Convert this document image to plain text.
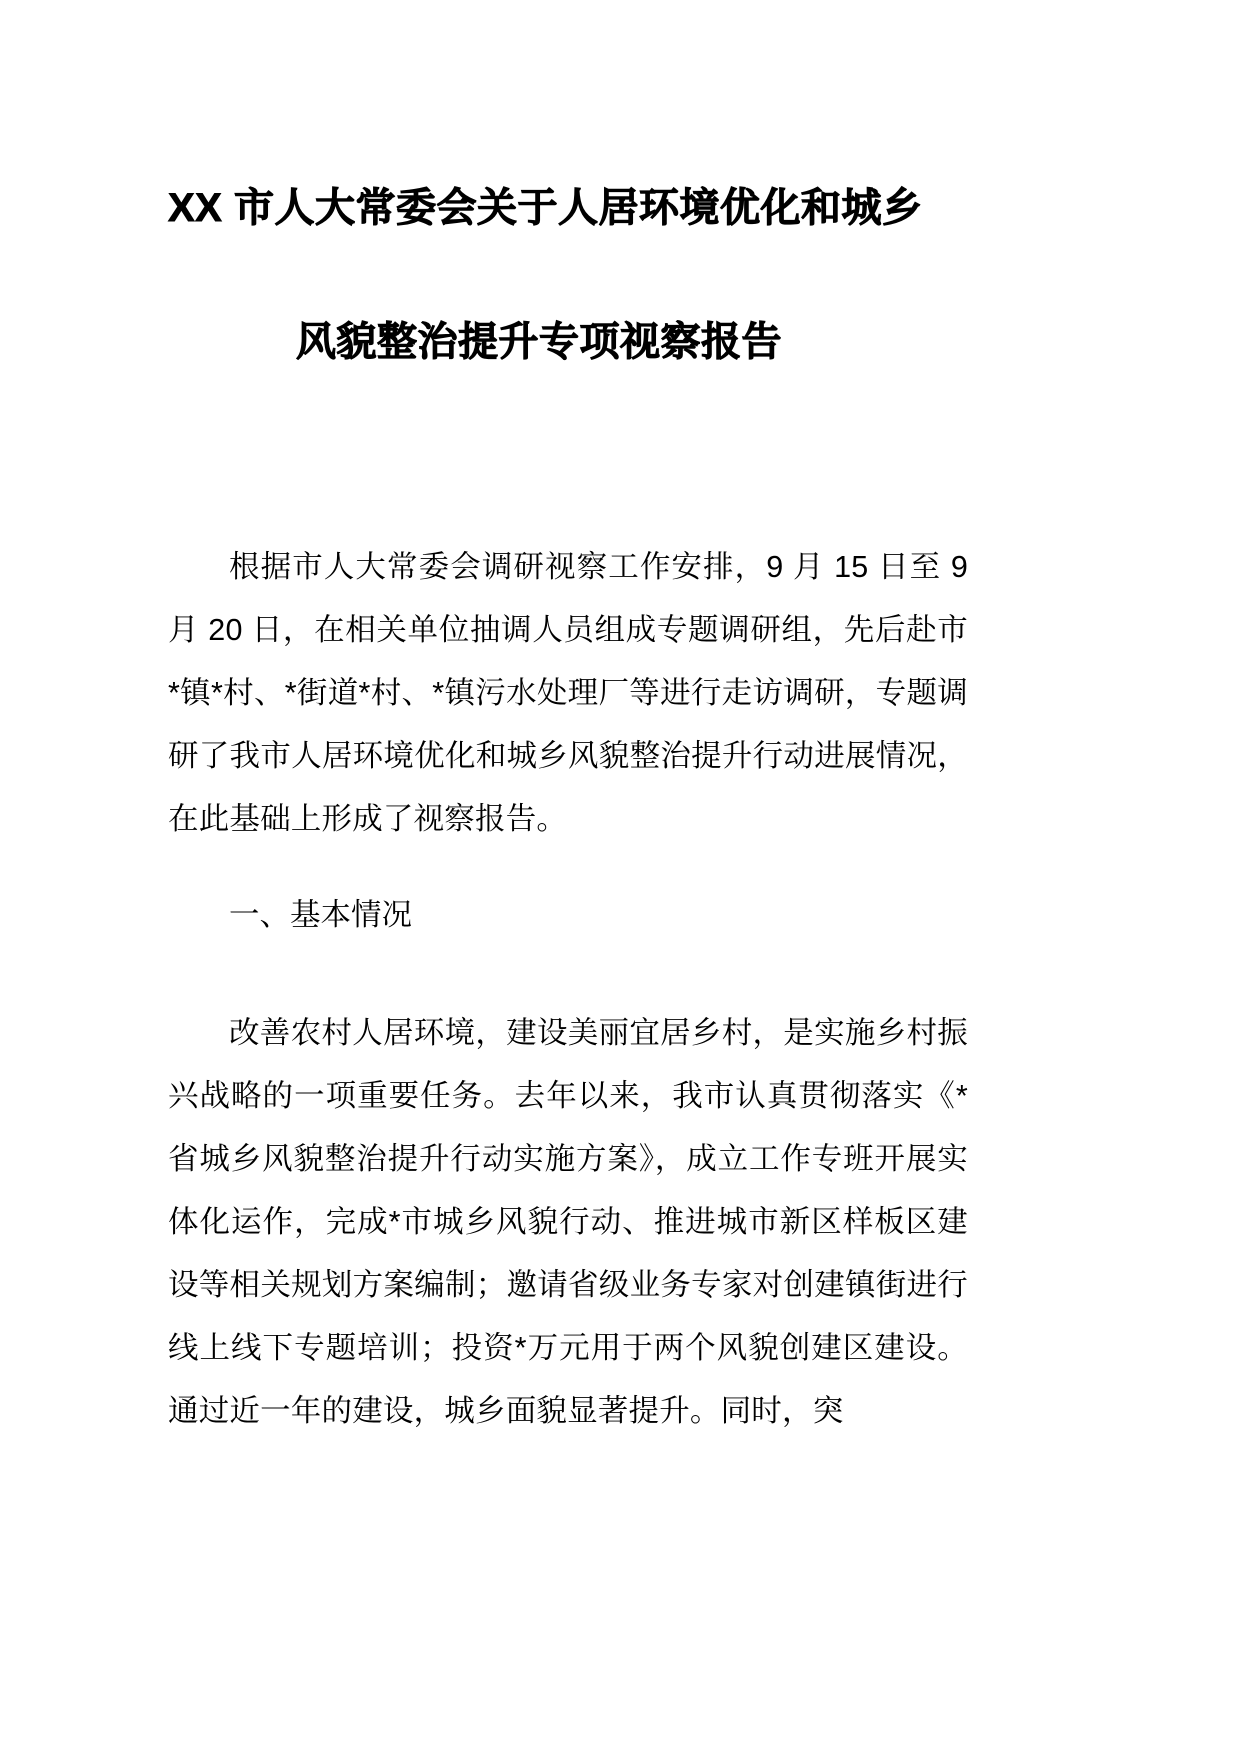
XX 市人大常委会关于人居环境优化和城乡
风貌整治提升专项视察报告

根据市人大常委会调研视察工作安排，9 月 15 日至 9 月 20 日，在相关单位抽调人员组成专题调研组，先后赴市*镇*村、*街道*村、*镇污水处理厂等进行走访调研，专题调研了我市人居环境优化和城乡风貌整治提升行动进展情况，在此基础上形成了视察报告。

一、基本情况

改善农村人居环境，建设美丽宜居乡村，是实施乡村振兴战略的一项重要任务。去年以来，我市认真贯彻落实《*省城乡风貌整治提升行动实施方案》，成立工作专班开展实体化运作，完成*市城乡风貌行动、推进城市新区样板区建设等相关规划方案编制；邀请省级业务专家对创建镇街进行线上线下专题培训；投资*万元用于两个风貌创建区建设。通过近一年的建设，城乡面貌显著提升。同时，突
